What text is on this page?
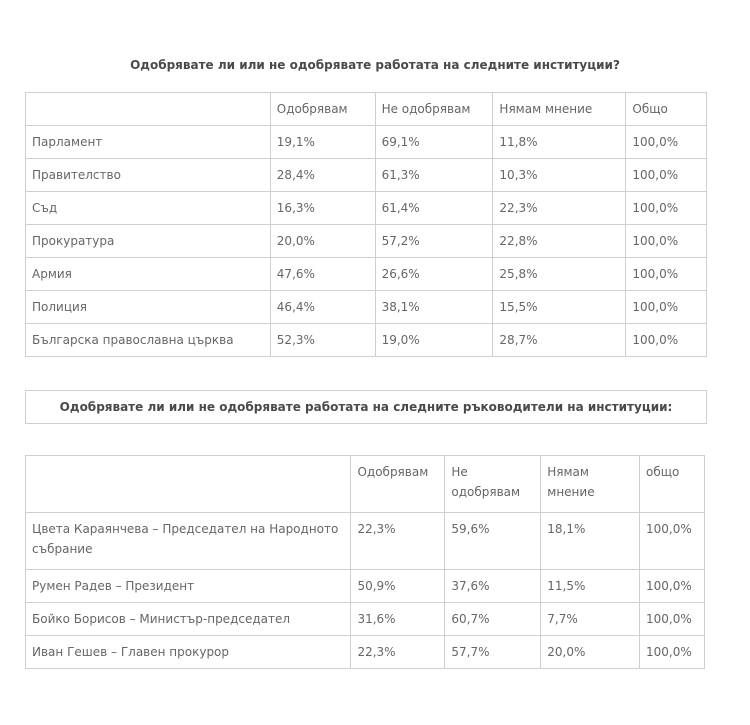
Одобрявате ли или не одобрявате работата на следните институции?
	Одобрявам	Не одобрявам	Нямам мнение	Общо
Парламент	19,1%	69,1%	11,8%	100,0%
Правителство	28,4%	61,3%	10,3%	100,0%
Съд	16,3%	61,4%	22,3%	100,0%
Прокуратура	20,0%	57,2%	22,8%	100,0%
Армия	47,6%	26,6%	25,8%	100,0%
Полиция	46,4%	38,1%	15,5%	100,0%
Българска православна църква	52,3%	19,0%	28,7%	100,0%
Одобрявате ли или не одобрявате работата на следните ръководители на институции:
	Одобрявам	Не одобрявам	Нямам мнение	общо
Цвета Караянчева – Председател на Народното събрание	22,3%	59,6%	18,1%	100,0%
Румен Радев – Президент	50,9%	37,6%	11,5%	100,0%
Бойко Борисов – Министър-председател	31,6%	60,7%	7,7%	100,0%
Иван Гешев – Главен прокурор	22,3%	57,7%	20,0%	100,0%
